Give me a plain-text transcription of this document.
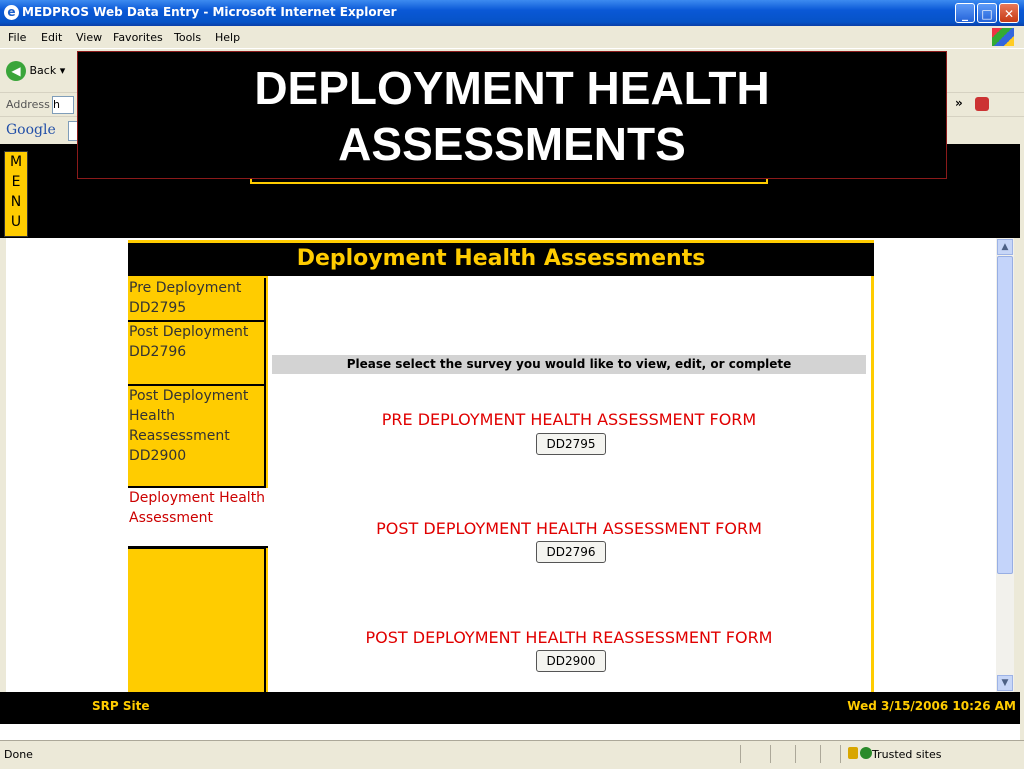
e MEDPROS Web Data Entry - Microsoft Internet Explorer	_	□ ✕
File Edit View Favorites Tools Help
◀ Back ▾
Address h	»
Google
M
E
N
U
DEPLOYMENT HEALTH
ASSESSMENTS
Deployment Health Assessments
Pre Deployment DD2795
Post Deployment DD2796
Post Deployment Health Reassessment DD2900
Deployment Health Assessment
Please select the survey you would like to view, edit, or complete
PRE DEPLOYMENT HEALTH ASSESSMENT FORM
DD2795
POST DEPLOYMENT HEALTH ASSESSMENT FORM
DD2796
POST DEPLOYMENT HEALTH REASSESSMENT FORM
DD2900
▲
▼
SRP Site	Wed 3/15/2006 10:26 AM
Done	Trusted sites
